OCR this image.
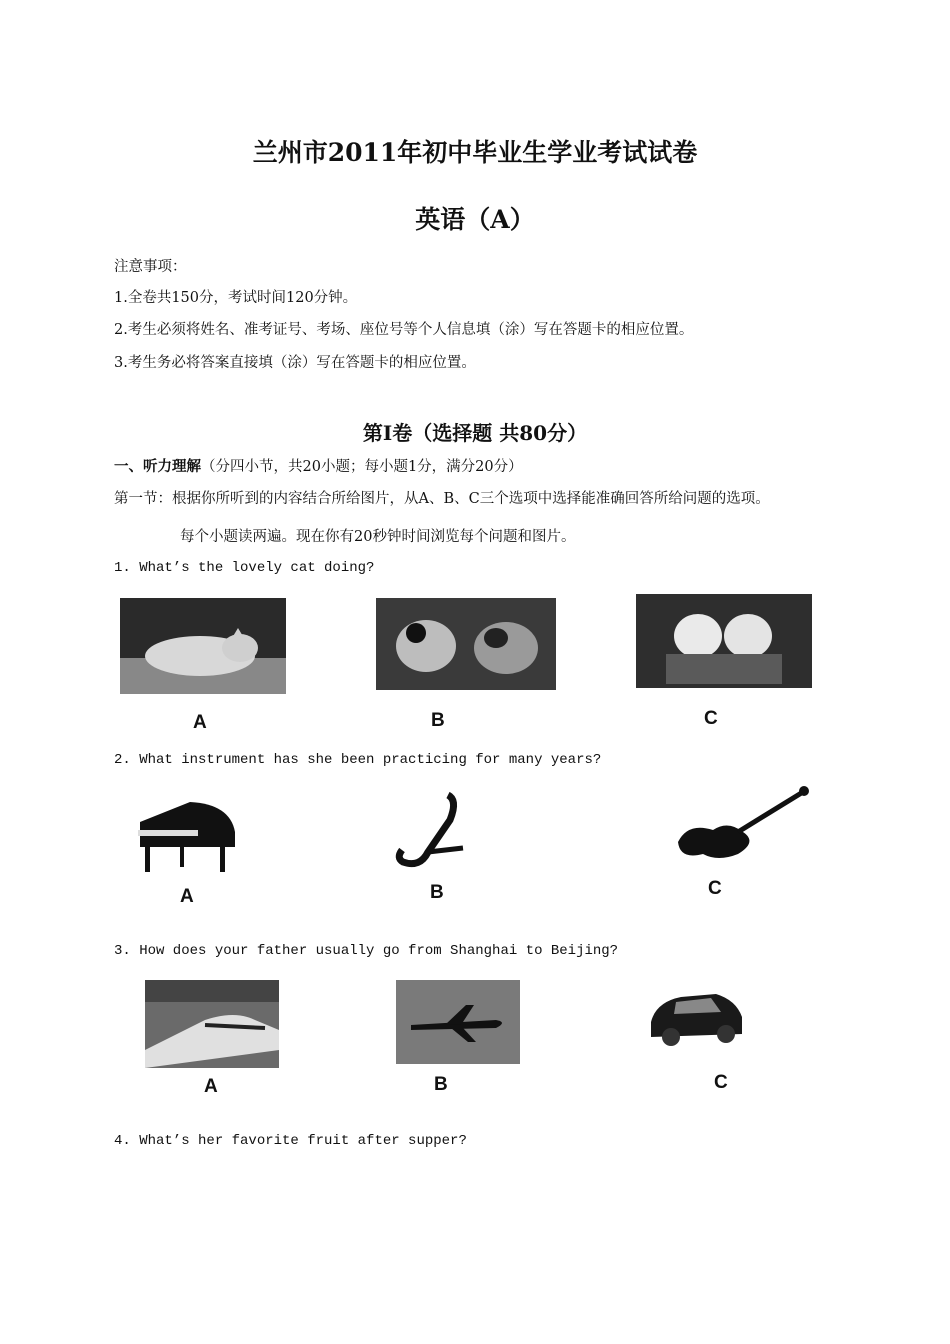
兰州市2011年初中毕业生学业考试试卷
英语（A）
注意事项：
1.全卷共150分，考试时间120分钟。
2.考生必须将姓名、准考证号、考场、座位号等个人信息填（涂）写在答题卡的相应位置。
3.考生务必将答案直接填（涂）写在答题卡的相应位置。
第Ⅰ卷（选择题 共80分）
一、听力理解（分四小节，共20小题；每小题1分，满分20分）
第一节：根据你所听到的内容结合所给图片，从A、B、C三个选项中选择能准确回答所给问题的选项。
每个小题读两遍。现在你有20秒钟时间浏览每个问题和图片。
1. What’s the lovely cat doing?
A	B	C
2. What instrument has she been practicing for many years?
A	B	C
3. How does your father usually go from Shanghai to Beijing?
A	B	C
4. What’s her favorite fruit after supper?
